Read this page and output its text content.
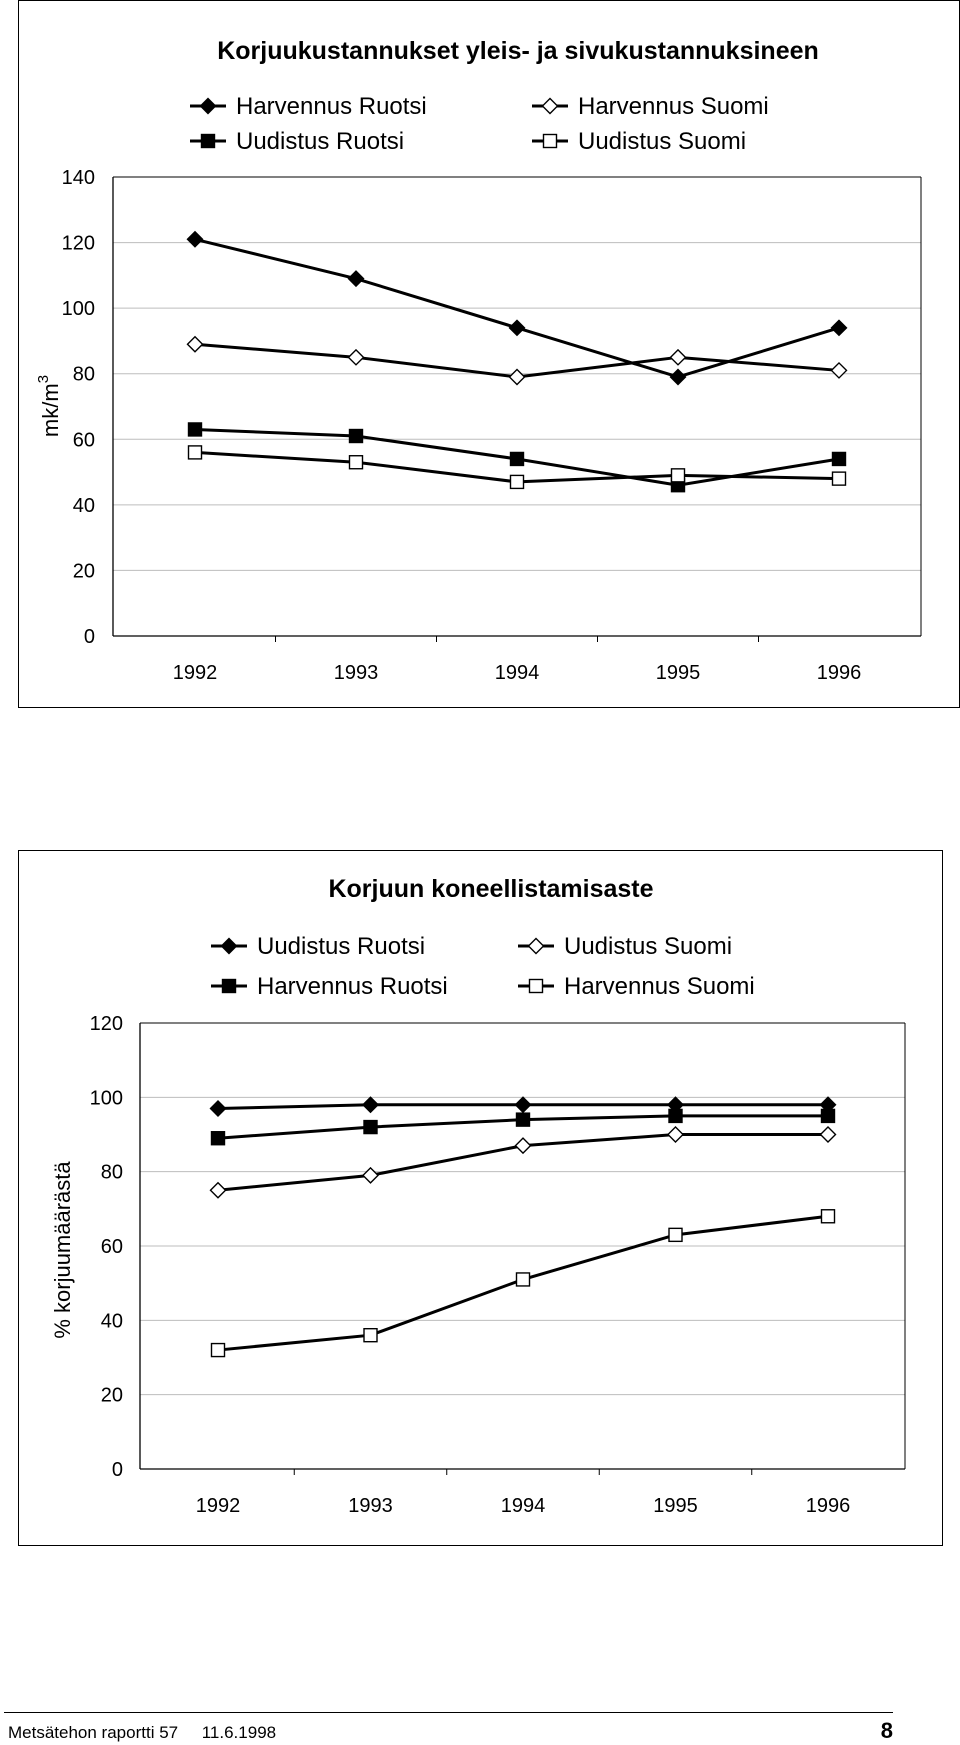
Korjuukustannukset yleis- ja sivukustannuksineen
0
20
40
60
80
100
120
140
1992	1993	1994	1995	1996
$mk/m^3$
Harvennus Ruotsi	Harvennus Suomi
Uudistus Ruotsi	Uudistus Suomi
Korjuun koneellistamisaste
0
20
40
60
80
100
120
1992	1993	1994	1995	1996
% korjuumäärästä
Uudistus Ruotsi	Uudistus Suomi
Harvennus Ruotsi	Harvennus Suomi
Metsätehon raportti 57 11.6.1998	8
